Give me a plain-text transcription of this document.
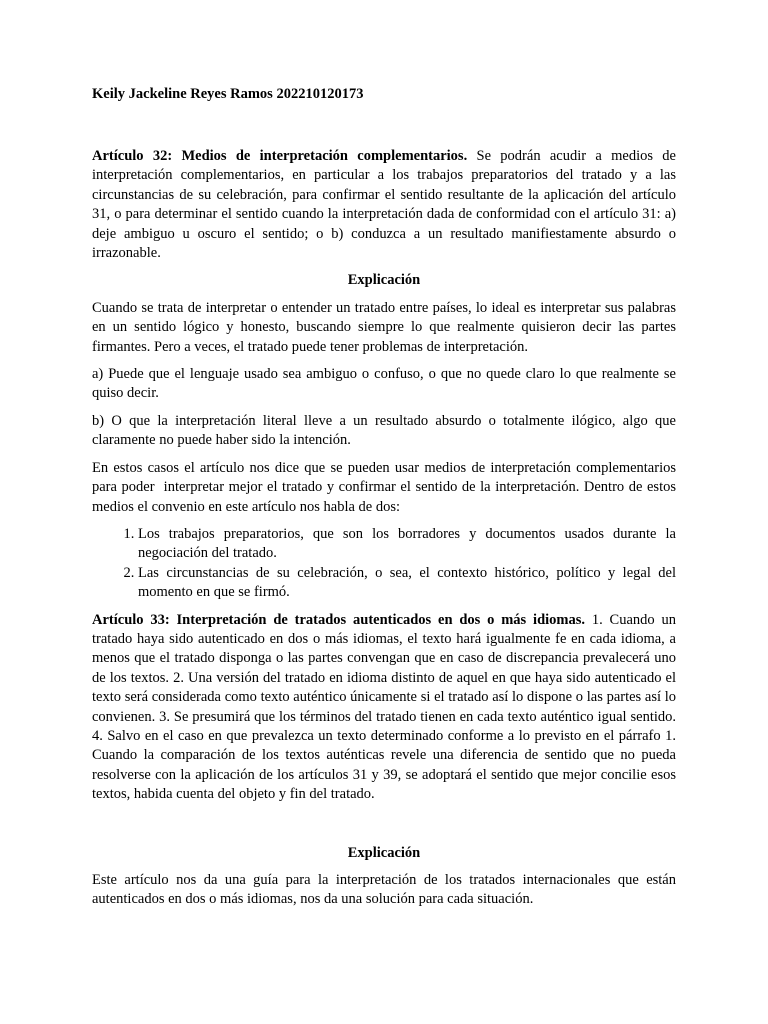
Keily Jackeline Reyes Ramos 202210120173

Artículo 32: Medios de interpretación complementarios. Se podrán acudir a medios de interpretación complementarios, en particular a los trabajos preparatorios del tratado y a las circunstancias de su celebración, para confirmar el sentido resultante de la aplicación del artículo 31, o para determinar el sentido cuando la interpretación dada de conformidad con el artículo 31: a) deje ambiguo u oscuro el sentido; o b) conduzca a un resultado manifiestamente absurdo o irrazonable.

Explicación

Cuando se trata de interpretar o entender un tratado entre países, lo ideal es interpretar sus palabras en un sentido lógico y honesto, buscando siempre lo que realmente quisieron decir las partes firmantes. Pero a veces, el tratado puede tener problemas de interpretación.

a) Puede que el lenguaje usado sea ambiguo o confuso, o que no quede claro lo que realmente se quiso decir.

b) O que la interpretación literal lleve a un resultado absurdo o totalmente ilógico, algo que claramente no puede haber sido la intención.

En estos casos el artículo nos dice que se pueden usar medios de interpretación complementarios para poder  interpretar mejor el tratado y confirmar el sentido de la interpretación. Dentro de estos medios el convenio en este artículo nos habla de dos:

1. Los trabajos preparatorios, que son los borradores y documentos usados durante la negociación del tratado.
2. Las circunstancias de su celebración, o sea, el contexto histórico, político y legal del momento en que se firmó.

Artículo 33: Interpretación de tratados autenticados en dos o más idiomas. 1. Cuando un tratado haya sido autenticado en dos o más idiomas, el texto hará igualmente fe en cada idioma, a menos que el tratado disponga o las partes convengan que en caso de discrepancia prevalecerá uno de los textos. 2. Una versión del tratado en idioma distinto de aquel en que haya sido autenticado el texto será considerada como texto auténtico únicamente si el tratado así lo dispone o las partes así lo convienen. 3. Se presumirá que los términos del tratado tienen en cada texto auténtico igual sentido. 4. Salvo en el caso en que prevalezca un texto determinado conforme a lo previsto en el párrafo 1. Cuando la comparación de los textos auténticas revele una diferencia de sentido que no pueda resolverse con la aplicación de los artículos 31 y 39, se adoptará el sentido que mejor concilie esos textos, habida cuenta del objeto y fin del tratado.

Explicación

Este artículo nos da una guía para la interpretación de los tratados internacionales que están autenticados en dos o más idiomas, nos da una solución para cada situación.
